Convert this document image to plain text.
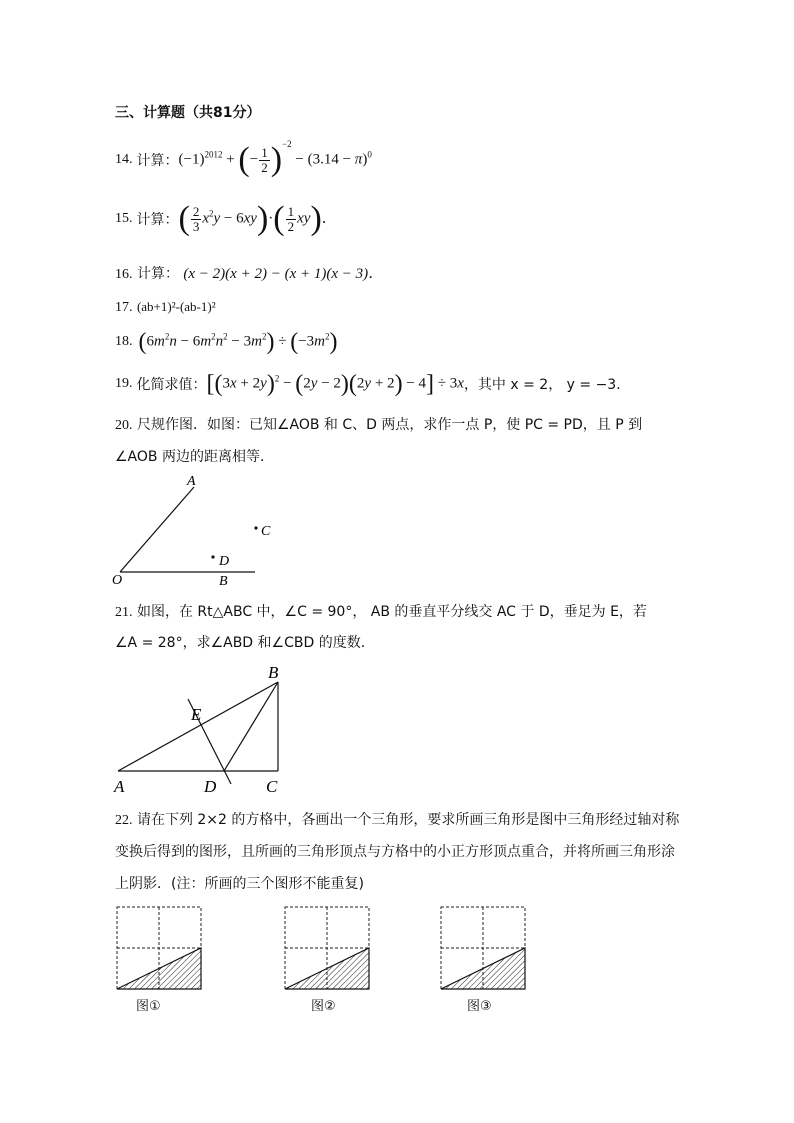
三、计算题（共81分）
14. 计算： $(-1)^{2012}$ + (− $\frac{1}{2} )^{-2} - (3.14 - \pi)^0$
15. 计算： ( $\frac{2}{3} x^2y - 6xy)\cdot( \frac{1}{2} xy)$．
16. 计算： (x − 2)(x + 2) − (x + 1)(x − 3)．
17. (ab+1)²-(ab-1)²
18. $(6m^2n - 6m^2n^2 - 3m^2) \div (-3m^2)$
19. 化简求值： $[(3x + 2y)^2 - (2y - 2)(2y + 2) - 4] \div 3x$ ，其中 x = 2， y = −3．
20. 尺规作图．如图：已知∠AOB 和 C、D 两点，求作一点 P，使 PC = PD，且 P 到
∠AOB 两边的距离相等．
A
O	B
D
C
21. 如图，在 Rt△ABC 中，∠C = 90°， AB 的垂直平分线交 AC 于 D，垂足为 E，若
∠A = 28°，求∠ABD 和∠CBD 的度数．
B
E
A	D	C
22. 请在下列 2×2 的方格中，各画出一个三角形，要求所画三角形是图中三角形经过轴对称
变换后得到的图形，且所画的三角形顶点与方格中的小正方形顶点重合，并将所画三角形涂
上阴影．(注：所画的三个图形不能重复)
图①	图②	图③
